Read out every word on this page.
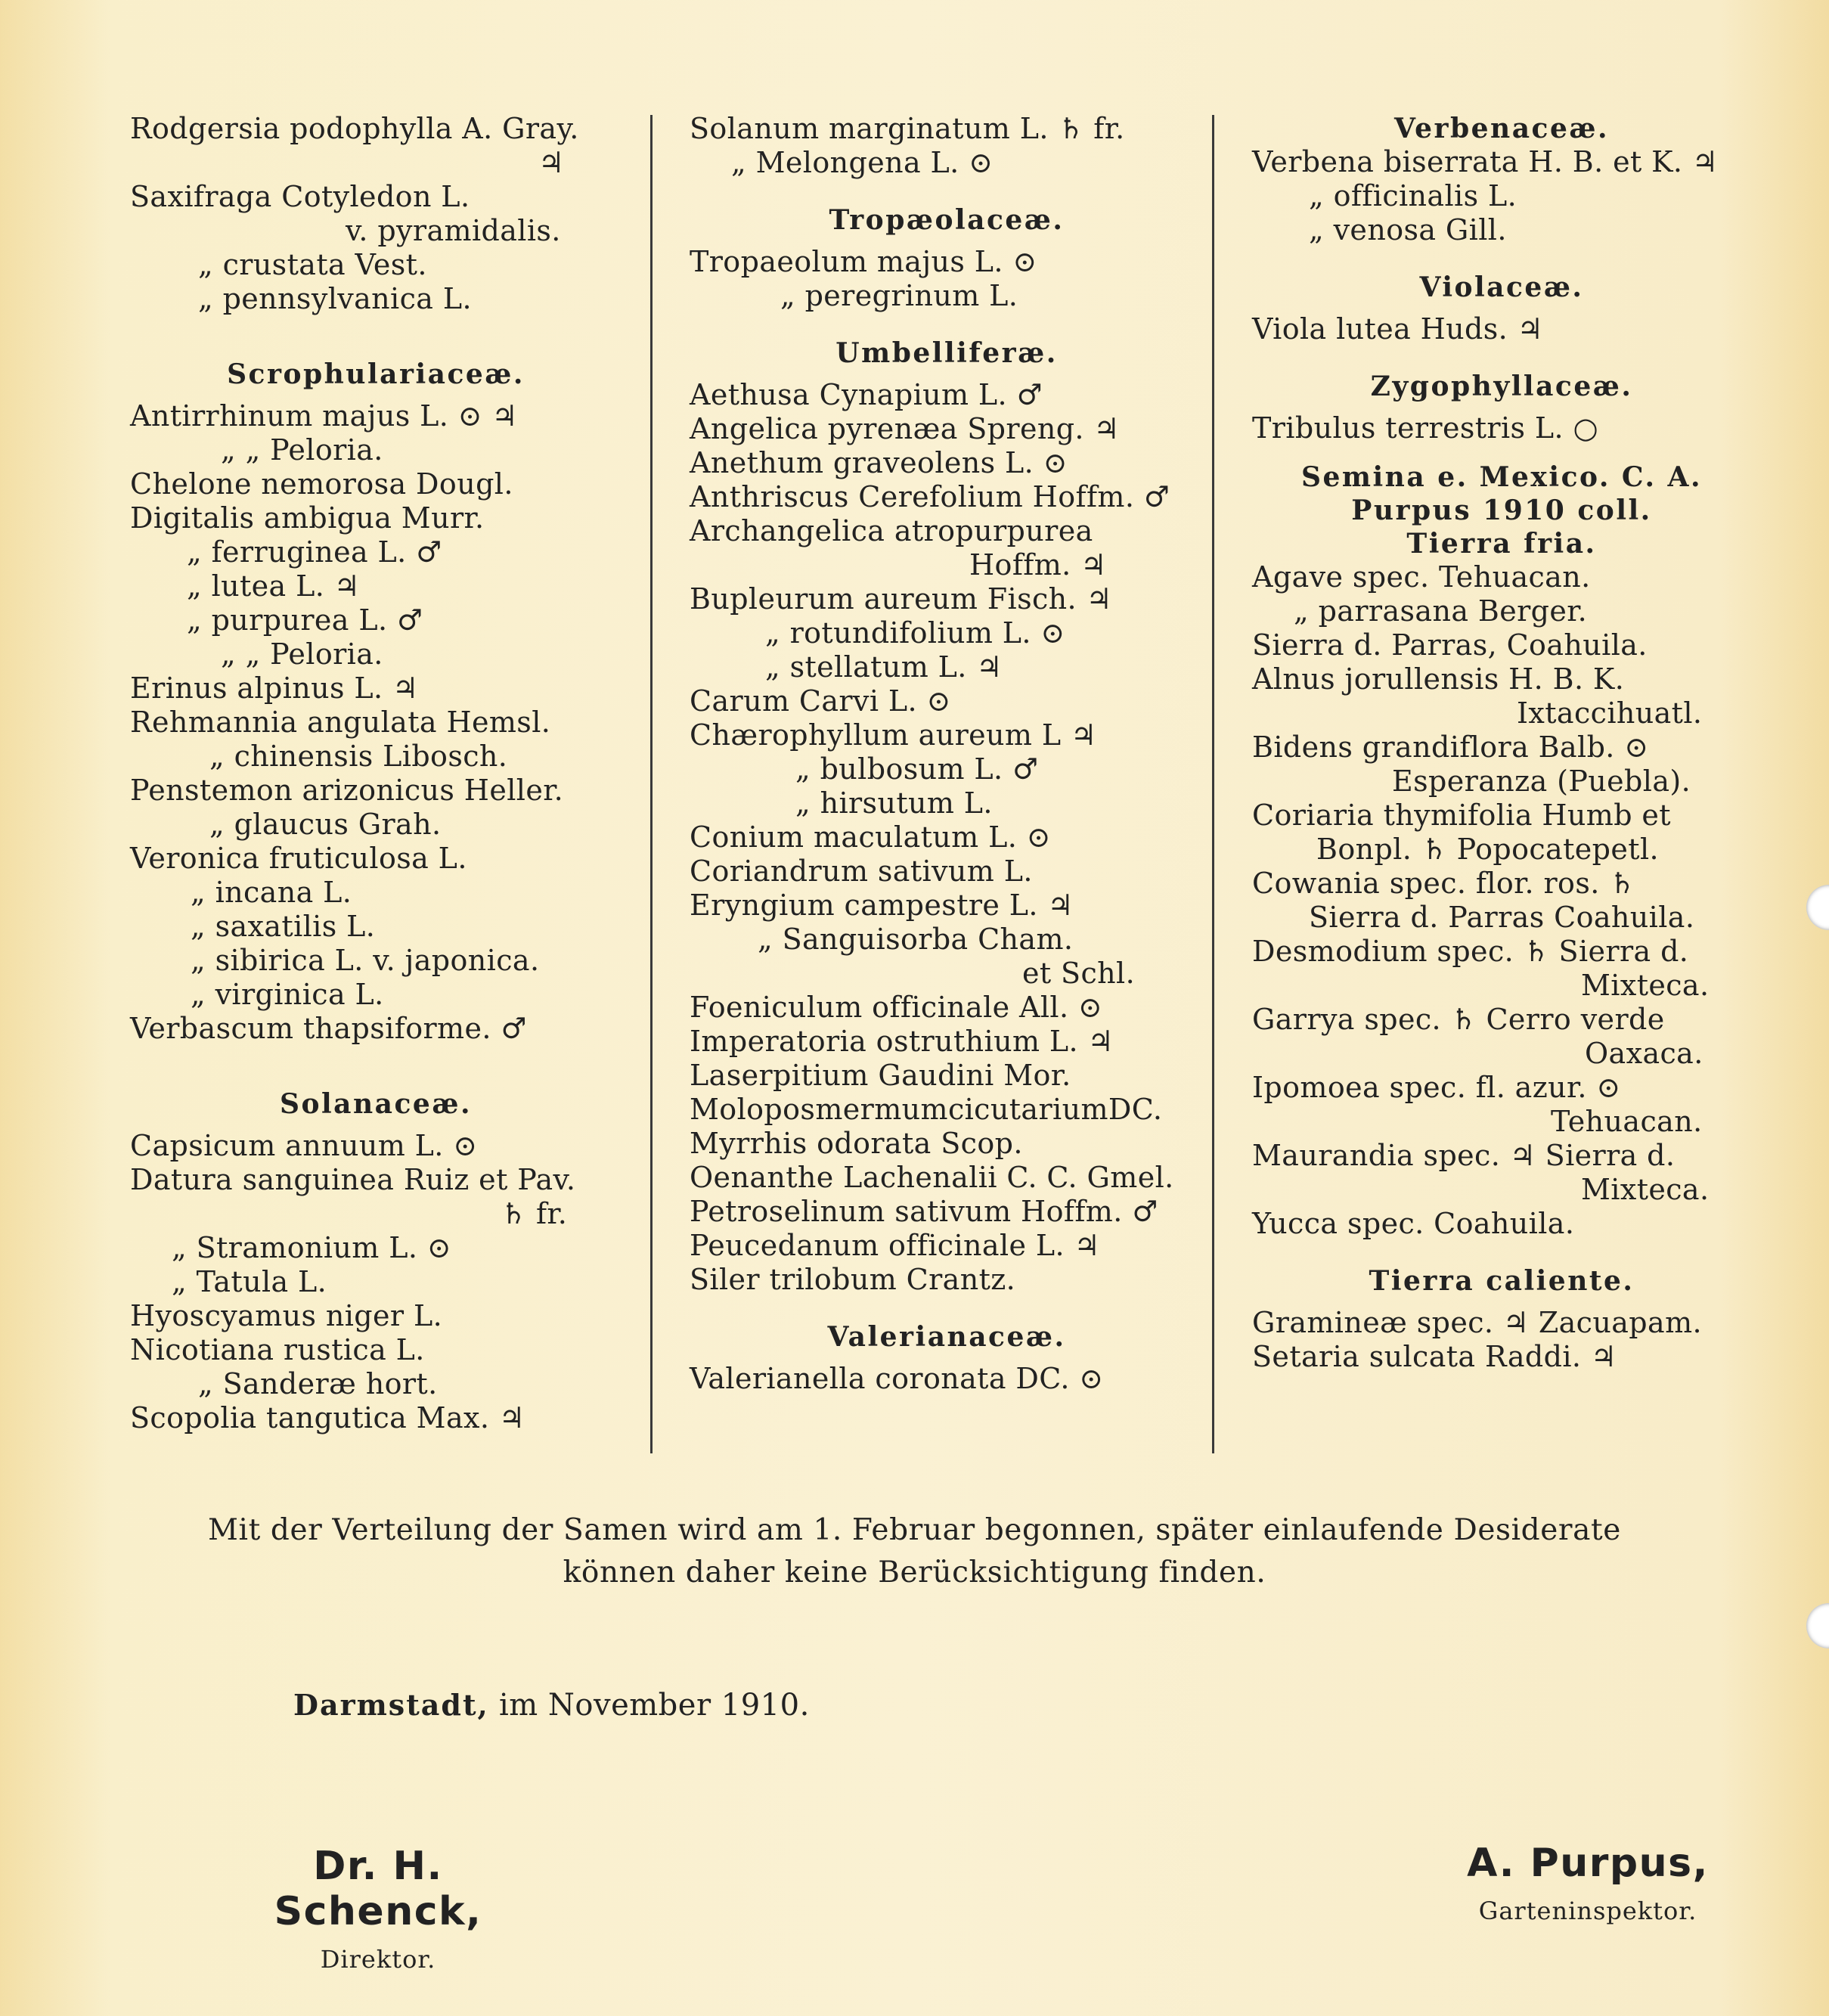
Rodgersia podophylla A. Gray.
♃
Saxifraga Cotyledon L.
v. pyramidalis.
„ crustata Vest.
„ pennsylvanica L.
Scrophulariaceæ.
Antirrhinum majus L. ⊙ ♃
„ „ Peloria.
Chelone nemorosa Dougl.
Digitalis ambigua Murr.
„ ferruginea L. ♂
„ lutea L. ♃
„ purpurea L. ♂
„ „ Peloria.
Erinus alpinus L. ♃
Rehmannia angulata Hemsl.
„ chinensis Libosch.
Penstemon arizonicus Heller.
„ glaucus Grah.
Veronica fruticulosa L.
„ incana L.
„ saxatilis L.
„ sibirica L. v. japonica.
„ virginica L.
Verbascum thapsiforme. ♂
Solanaceæ.
Capsicum annuum L. ⊙
Datura sanguinea Ruiz et Pav.
♄ fr.
„ Stramonium L. ⊙
„ Tatula L.
Hyoscyamus niger L.
Nicotiana rustica L.
„ Sanderæ hort.
Scopolia tangutica Max. ♃
Solanum marginatum L. ♄ fr.
„ Melongena L. ⊙
Tropæolaceæ.
Tropaeolum majus L. ⊙
„ peregrinum L.
Umbelliferæ.
Aethusa Cynapium L. ♂
Angelica pyrenæa Spreng. ♃
Anethum graveolens L. ⊙
Anthriscus Cerefolium Hoffm. ♂
Archangelica atropurpurea
Hoffm. ♃
Bupleurum aureum Fisch. ♃
„ rotundifolium L. ⊙
„ stellatum L. ♃
Carum Carvi L. ⊙
Chærophyllum aureum L ♃
„ bulbosum L. ♂
„ hirsutum L.
Conium maculatum L. ⊙
Coriandrum sativum L.
Eryngium campestre L. ♃
„ Sanguisorba Cham.
et Schl.
Foeniculum officinale All. ⊙
Imperatoria ostruthium L. ♃
Laserpitium Gaudini Mor.
MoloposmermumcicutariumDC.
Myrrhis odorata Scop.
Oenanthe Lachenalii C. C. Gmel.
Petroselinum sativum Hoffm. ♂
Peucedanum officinale L. ♃
Siler trilobum Crantz.
Valerianaceæ.
Valerianella coronata DC. ⊙
Verbenaceæ.
Verbena biserrata H. B. et K. ♃
„ officinalis L.
„ venosa Gill.
Violaceæ.
Viola lutea Huds. ♃
Zygophyllaceæ.
Tribulus terrestris L. ○
Semina e. Mexico. C. A.
Purpus 1910 coll.
Tierra fria.
Agave spec. Tehuacan.
„ parrasana Berger.
Sierra d. Parras, Coahuila.
Alnus jorullensis H. B. K.
Ixtaccihuatl.
Bidens grandiflora Balb. ⊙
Esperanza (Puebla).
Coriaria thymifolia Humb et
Bonpl. ♄ Popocatepetl.
Cowania spec. flor. ros. ♄
Sierra d. Parras Coahuila.
Desmodium spec. ♄ Sierra d.
Mixteca.
Garrya spec. ♄ Cerro verde
Oaxaca.
Ipomoea spec. fl. azur. ⊙
Tehuacan.
Maurandia spec. ♃ Sierra d.
Mixteca.
Yucca spec. Coahuila.
Tierra caliente.
Gramineæ spec. ♃ Zacuapam.
Setaria sulcata Raddi. ♃
Mit der Verteilung der Samen wird am 1. Februar begonnen, später einlaufende Desiderate
können daher keine Berücksichtigung finden.
Darmstadt, im November 1910.
Dr. H. Schenck,
Direktor.
A. Purpus,
Garteninspektor.
